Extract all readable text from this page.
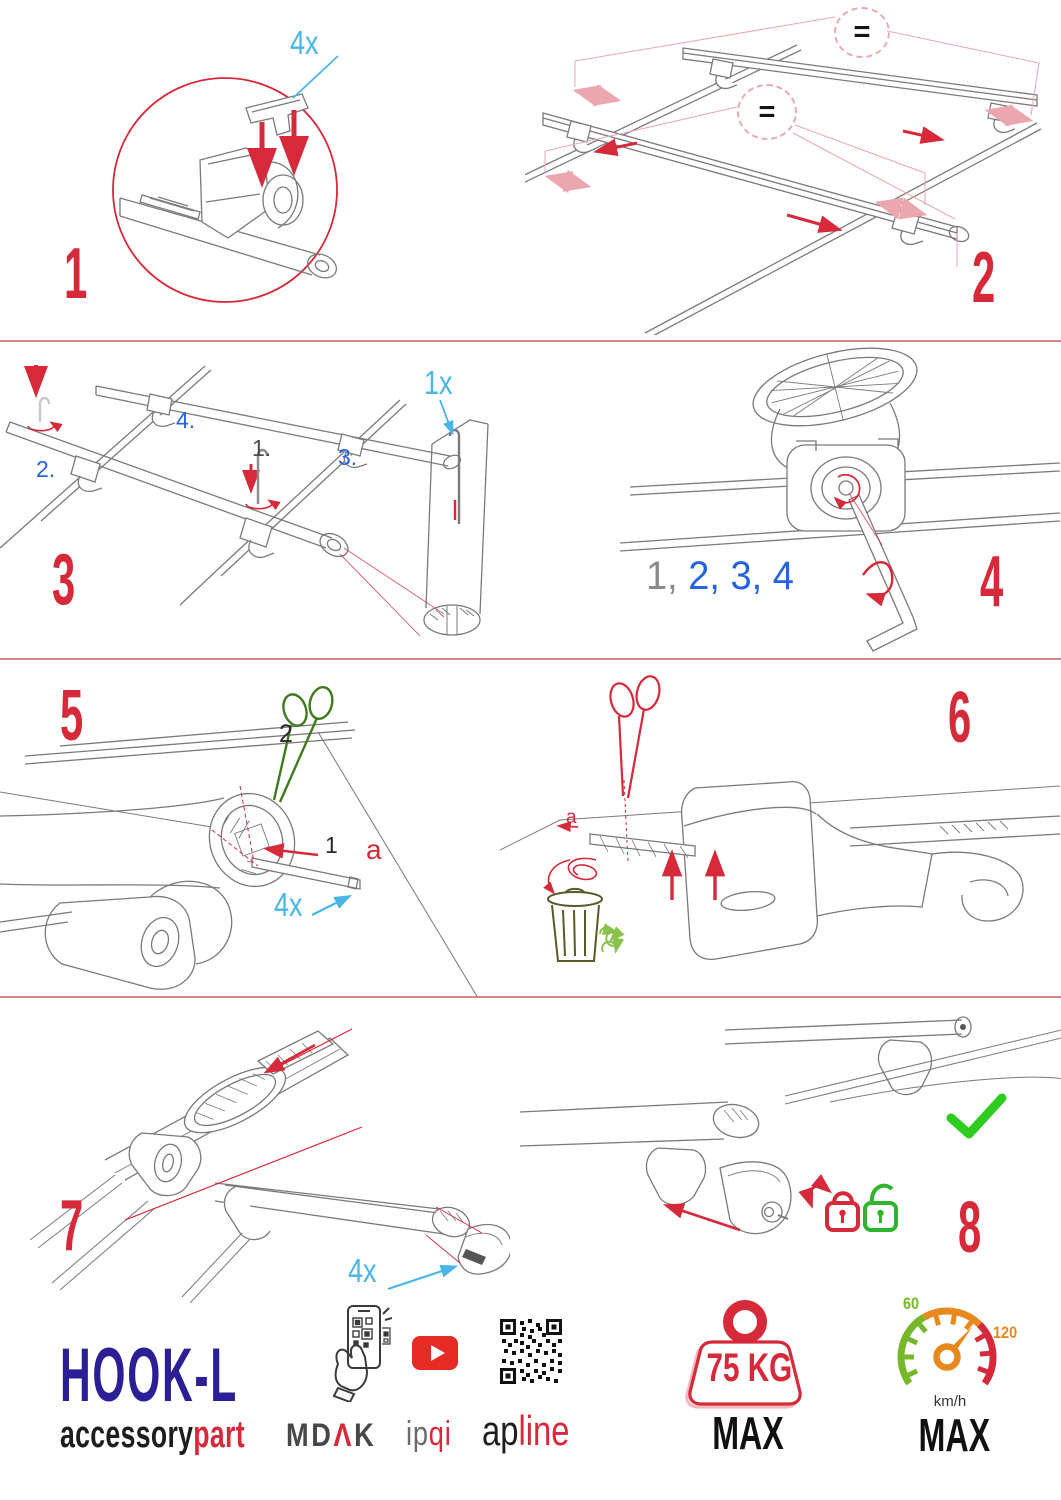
4x
1
=
=
2
1.
2.	3.
4.
1x
3	1, 2, 3, 4	4
2
1 a
4x
5
a
6
4x
7	8
HOOK-L
accessorypart MDΛK ipqi apline
75 KG
MAX
60
120
km/h
MAX
